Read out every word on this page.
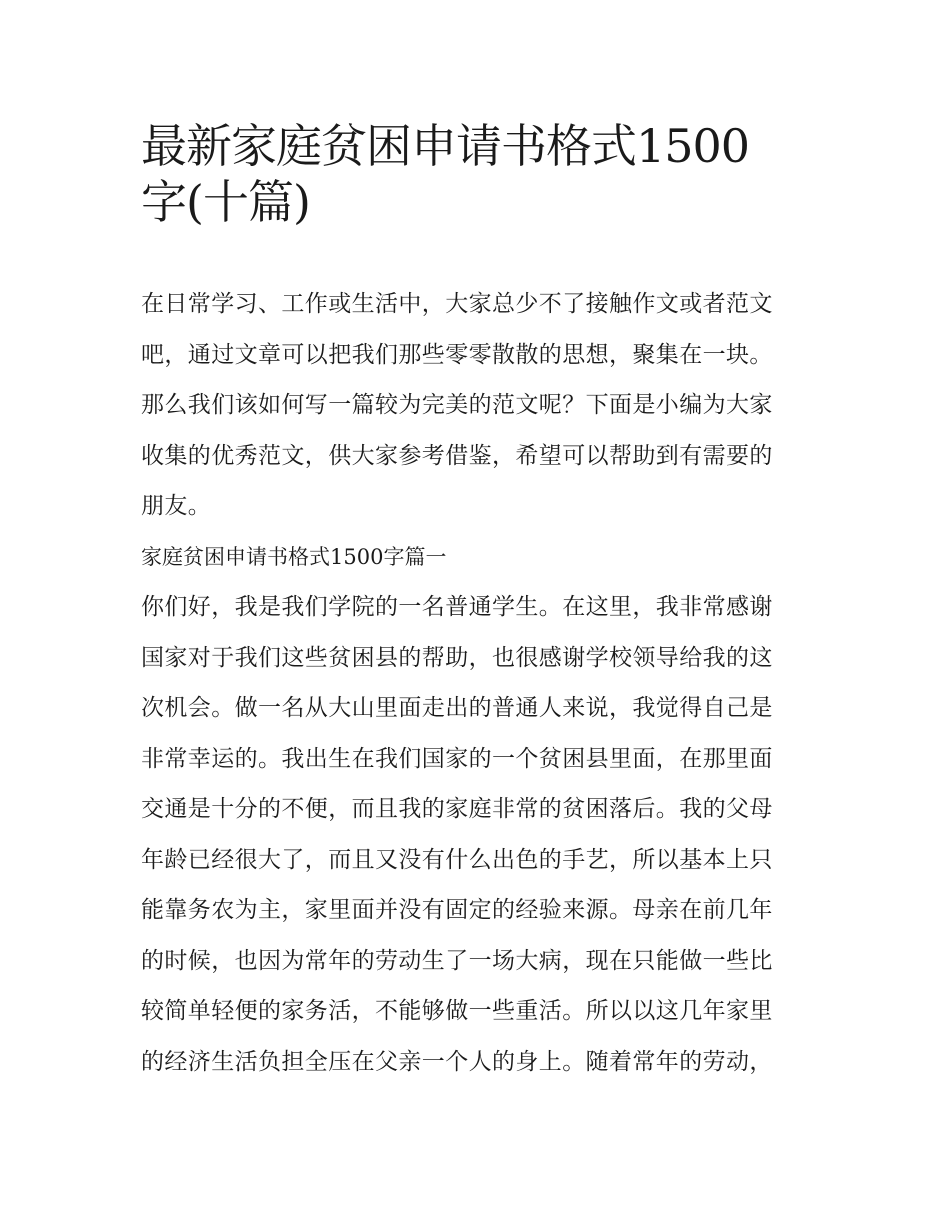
最新家庭贫困申请书格式1500
字(十篇)
在日常学习、工作或生活中，大家总少不了接触作文或者范文
吧，通过文章可以把我们那些零零散散的思想，聚集在一块。
那么我们该如何写一篇较为完美的范文呢？下面是小编为大家
收集的优秀范文，供大家参考借鉴，希望可以帮助到有需要的
朋友。
家庭贫困申请书格式1500字篇一
你们好，我是我们学院的一名普通学生。在这里，我非常感谢
国家对于我们这些贫困县的帮助，也很感谢学校领导给我的这
次机会。做一名从大山里面走出的普通人来说，我觉得自己是
非常幸运的。我出生在我们国家的一个贫困县里面，在那里面
交通是十分的不便，而且我的家庭非常的贫困落后。我的父母
年龄已经很大了，而且又没有什么出色的手艺，所以基本上只
能靠务农为主，家里面并没有固定的经验来源。母亲在前几年
的时候，也因为常年的劳动生了一场大病，现在只能做一些比
较简单轻便的家务活，不能够做一些重活。所以以这几年家里
的经济生活负担全压在父亲一个人的身上。随着常年的劳动，
